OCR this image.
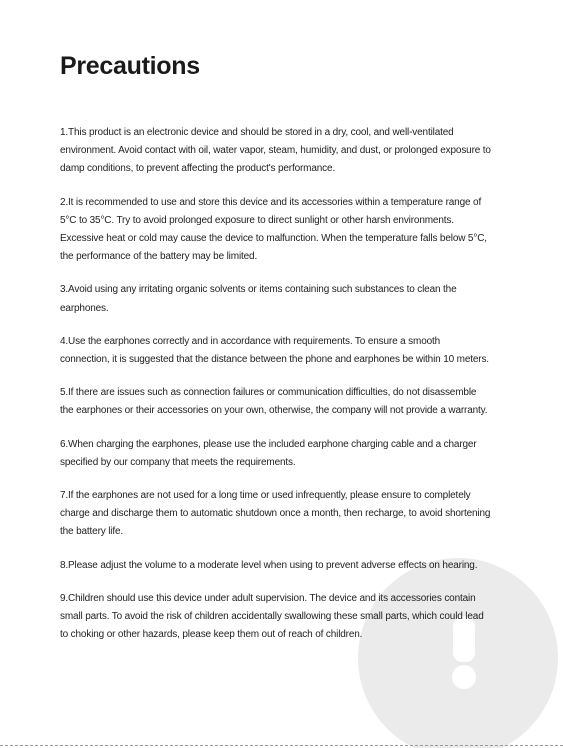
Precautions
1.This product is an electronic device and should be stored in a dry, cool, and well-ventilated environment. Avoid contact with oil, water vapor, steam, humidity, and dust, or prolonged exposure to damp conditions, to prevent affecting the product's performance.
2.It is recommended to use and store this device and its accessories within a temperature range of 5°C to 35°C. Try to avoid prolonged exposure to direct sunlight or other harsh environments. Excessive heat or cold may cause the device to malfunction. When the temperature falls below 5°C, the performance of the battery may be limited.
3.Avoid using any irritating organic solvents or items containing such substances to clean the earphones.
4.Use the earphones correctly and in accordance with requirements. To ensure a smooth connection, it is suggested that the distance between the phone and earphones be within 10 meters.
5.If there are issues such as connection failures or communication difficulties, do not disassemble the earphones or their accessories on your own, otherwise, the company will not provide a warranty.
6.When charging the earphones, please use the included earphone charging cable and a charger specified by our company that meets the requirements.
7.If the earphones are not used for a long time or used infrequently, please ensure to completely charge and discharge them to automatic shutdown once a month, then recharge, to avoid shortening the battery life.
8.Please adjust the volume to a moderate level when using to prevent adverse effects on hearing.
9.Children should use this device under adult supervision. The device and its accessories contain small parts. To avoid the risk of children accidentally swallowing these small parts, which could lead to choking or other hazards, please keep them out of reach of children.
